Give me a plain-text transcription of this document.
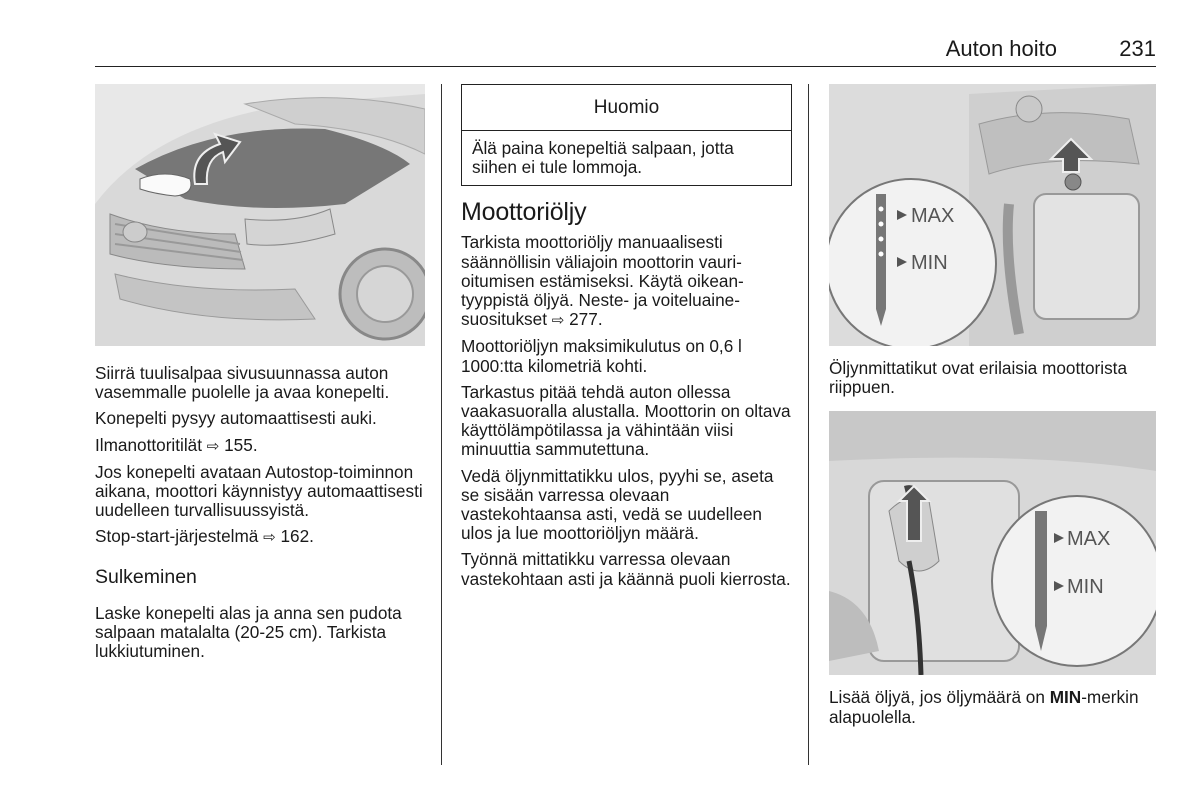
Auton hoito	231

Siirrä tuulisalpaa sivusuunnassa auton vasemmalle puolelle ja avaa konepelti.

Konepelti pysyy automaattisesti auki.

Ilmanottoritilät ⇨ 155.

Jos konepelti avataan Autostop-toiminnon aikana, moottori käynnistyy automaattisesti uudelleen turvallisuussyistä.

Stop-start-järjestelmä ⇨ 162.

Sulkeminen

Laske konepelti alas ja anna sen pudota salpaan matalalta (20-25 cm). Tarkista lukkiutuminen.

Huomio
Älä paina konepeltiä salpaan, jotta siihen ei tule lommoja.
Moottoriöljy

Tarkista moottoriöljy manuaalisesti säännöllisin väliajoin moottorin vaurioitumisen estämiseksi. Käytä oikeantyyppistä öljyä. Neste- ja voiteluainesuositukset ⇨ 277.

Moottoriöljyn maksimikulutus on 0,6 l 1000:tta kilometriä kohti.

Tarkastus pitää tehdä auton ollessa vaakasuoralla alustalla. Moottorin on oltava käyttölämpötilassa ja vähintään viisi minuuttia sammutettuna.

Vedä öljynmittatikku ulos, pyyhi se, aseta se sisään varressa olevaan vastekohtaansa asti, vedä se uudelleen ulos ja lue moottoriöljyn määrä.

Työnnä mittatikku varressa olevaan vastekohtaan asti ja käännä puoli kierrosta.

MAX
MIN

Öljynmittatikut ovat erilaisia moottorista riippuen.

MAX
MIN

Lisää öljyä, jos öljymäärä on MIN-merkin alapuolella.
